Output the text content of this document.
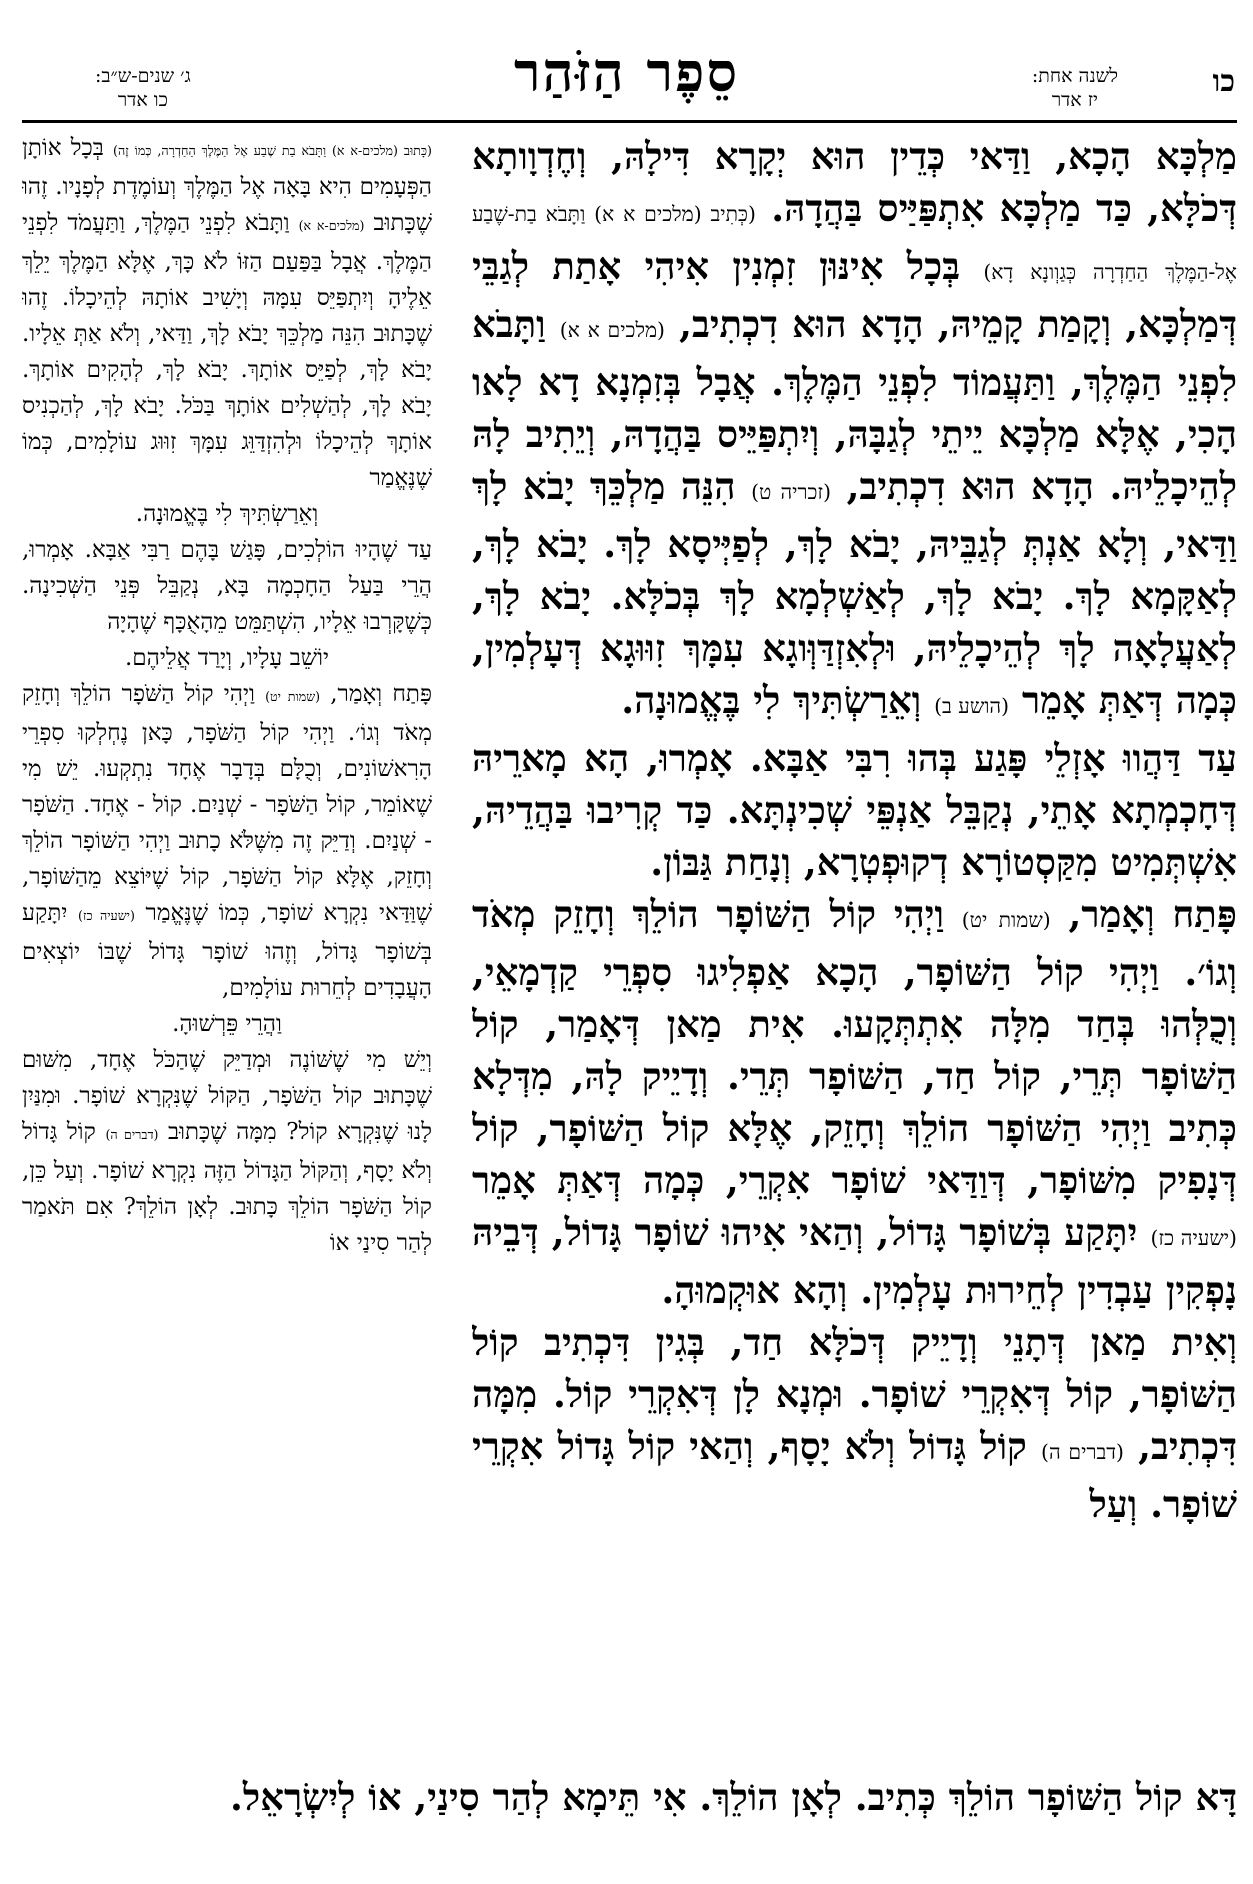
כו
לשנה אחת:
יז אדר
סֵפֶר הַזֹּהַר
ג׳ שנים-ש״ב:
כו אדר

מַלְכָּא הָכָא, וַדַּאי כְּדֵין הוּא יְקָרָא דִּילָהּ, וְחֶדְוָותָא דְּכֹלָּא, כַּד מַלְכָּא אִתְפַּיַּיס בַּהֲדָהּ. (כְּתִיב (מלכים א א) וַתָּבֹא בַת-שֶׁבַע אֶל-הַמֶּלֶךְ הַחַדְרָה כְּגַוְונָא דָא) בְּכָל אִינּוּן זִמְנִין אִיהִי אָתַת לְגַבֵּי דְּמַלְכָּא, וְקָמַת קָמֵיהּ, הָדָא הוּא דִכְתִיב, (מלכים א א) וַתָּבֹא לִפְנֵי הַמֶּלֶךְ, וַתַּעֲמוֹד לִפְנֵי הַמֶּלֶךְ. אֲבָל בְּזִמְנָא דָא לָאו הָכִי, אֶלָּא מַלְכָּא יֵיתֵי לְגַבָּהּ, וְיִתְפַּיֵּיס בַּהֲדָהּ, וְיֵתִיב לָהּ לְהֵיכָלֵיהּ. הָדָא הוּא דִכְתִיב, (זכריה ט) הִנֵּה מַלְכֵּךְ יָבֹא לָךְ וַדַּאי, וְלָא אַנְתְּ לְגַבֵּיהּ, יָבֹא לָךְ, לְפַיְּיסָא לָךְ. יָבֹא לָךְ, לְאַקָּמָא לָךְ. יָבֹא לָךְ, לְאַשְׁלְמָא לָךְ בְּכֹלָּא. יָבֹא לָךְ, לְאַעֲלָאָה לָךְ לְהֵיכָלֵיהּ, וּלְאִזְדַּוְּוגָא עִמָּךְ זִוּוּגָא דְּעָלְמִין, כְּמָה דְּאַתְּ אָמֵר (הושע ב) וְאֵרַשְׂתִּיךְ לִי בֶּאֱמוּנָה.

עַד דַּהֲווּ אָזְלֵי פָּגַע בְּהוּ רִבִּי אַבָּא. אָמְרוּ, הָא מָארֵיהּ דְּחָכְמְתָא אָתֵי, נְקַבֵּל אַנְפֵּי שְׁכִינְתָּא. כַּד קְרִיבוּ בַּהֲדֵיהּ, אִשְׁתְּמִיט מִקַּסְטוֹרָא דְקוּפְטְרָא, וְנָחַת גַּבּוֹן.

פָּתַח וְאָמַר, (שמות יט) וַיְהִי קוֹל הַשּׁוֹפָר הוֹלֵךְ וְחָזֵק מְאֹד וְגוֹ׳. וַיְהִי קוֹל הַשּׁוֹפָר, הָכָא אַפְלִיגוּ סִפְרֵי קַדְמָאֵי, וְכֻלְּהוּ בְּחַד מִלָּה אִתְתְּקָעוּ. אִית מַאן דְּאָמַר, קוֹל הַשּׁוֹפָר תְּרֵי, קוֹל חַד, הַשּׁוֹפָר תְּרֵי. וְדָיֵיק לָהּ, מִדְּלָא כְּתִיב וַיְהִי הַשּׁוֹפָר הוֹלֵךְ וְחָזֵק, אֶלָּא קוֹל הַשּׁוֹפָר, קוֹל דְּנָפִיק מִשּׁוֹפָר, דְּוַדַּאי שׁוֹפָר אִקְרֵי, כְּמָה דְּאַתְּ אָמֵר (ישעיה כז) יִתָּקַע בְּשׁוֹפָר גָּדוֹל, וְהַאי אִיהוּ שׁוֹפָר גָּדוֹל, דְּבֵיהּ נָפְקִין עַבְדִין לְחֵירוּת עָלְמִין. וְהָא אוּקְמוּהָ.

וְאִית מַאן דְּתָנֵי וְדָיֵיק דְּכֹלָּא חַד, בְּגִין דִּכְתִיב קוֹל הַשּׁוֹפָר, קוֹל דְּאִקְרֵי שׁוֹפָר. וּמְנָא לָן דְּאִקְרֵי קוֹל. מִמָּה דִּכְתִיב, (דברים ה) קוֹל גָּדוֹל וְלֹא יָסָף, וְהַאי קוֹל גָּדוֹל אִקְרֵי שׁוֹפָר. וְעַל

(כָּתוּב (מלכים-א א) וַתָּבֹא בַת שֶׁבַע אֶל הַמֶּלֶךְ הַחַדְרָה, כְּמוֹ זֶה) בְּכָל אוֹתָן הַפְּעָמִים הִיא בָּאָה אֶל הַמֶּלֶךְ וְעוֹמֶדֶת לְפָנָיו. זֶהוּ שֶׁכָּתוּב (מלכים-א א) וַתָּבֹא לִפְנֵי הַמֶּלֶךְ, וַתַּעֲמֹד לִפְנֵי הַמֶּלֶךְ. אֲבָל בַּפַּעַם הַזּוֹ לֹא כָּךְ, אֶלָּא הַמֶּלֶךְ יֵלֵךְ אֵלֶיהָ וְיִתְפַּיֵּס עִמָּהּ וְיָשִׁיב אוֹתָהּ לְהֵיכָלוֹ. זֶהוּ שֶׁכָּתוּב הִנֵּה מַלְכֵּךְ יָבֹא לָךְ, וַדַּאי, וְלֹא אַתְּ אֵלָיו. יָבֹא לָךְ, לְפַיֵּס אוֹתָךְ. יָבֹא לָךְ, לְהָקִים אוֹתָךְ. יָבֹא לָךְ, לְהַשְׁלִים אוֹתָךְ בַּכֹּל. יָבֹא לָךְ, לְהַכְנִיס אוֹתָךְ לְהֵיכָלוֹ וּלְהִזְדַּוֵּג עִמָּךְ זִוּוּג עוֹלָמִים, כְּמוֹ שֶׁנֶּאֱמַר

וְאֵרַשְׂתִּיךְ לִי בֶּאֱמוּנָה.

עַד שֶׁהָיוּ הוֹלְכִים, פָּגַשׁ בָּהֶם רַבִּי אַבָּא. אָמְרוּ, הֲרֵי בַּעַל הַחָכְמָה בָּא, נְקַבֵּל פְּנֵי הַשְּׁכִינָה. כְּשֶׁקָּרְבוּ אֵלָיו, הִשְׁתַּמֵּט מֵהָאֻכָּף שֶׁהָיָה

יוֹשֵׁב עָלָיו, וְיָרַד אֲלֵיהֶם.

פָּתַח וְאָמַר, (שמות יט) וַיְהִי קוֹל הַשֹּׁפָר הוֹלֵךְ וְחָזֵק מְאֹד וְגוֹ׳. וַיְהִי קוֹל הַשֹּׁפָר, כָּאן נֶחְלְקוּ סִפְרֵי הָרִאשׁוֹנִים, וְכֻלָּם בְּדָבָר אֶחָד נִתְקְעוּ. יֵשׁ מִי שֶׁאוֹמֵר, קוֹל הַשֹּׁפָר - שְׁנַיִם. קוֹל - אֶחָד. הַשֹּׁפָר - שְׁנַיִם. וְדַיֵּק זֶה מִשֶּׁלֹּא כָתוּב וַיְהִי הַשּׁוֹפָר הוֹלֵךְ וְחָזֵק, אֶלָּא קוֹל הַשֹּׁפָר, קוֹל שֶׁיּוֹצֵא מֵהַשּׁוֹפָר, שֶׁוַּדַּאי נִקְרָא שׁוֹפָר, כְּמוֹ שֶׁנֶּאֱמַר (ישעיה כז) יִתָּקַע בְּשׁוֹפָר גָּדוֹל, וְזֶהוּ שׁוֹפָר גָּדוֹל שֶׁבּוֹ יוֹצְאִים הָעֲבָדִים לְחֵרוּת עוֹלָמִים,

וַהֲרֵי פֵּרְשׁוּהָ.

וְיֵשׁ מִי שֶׁשּׁוֹנֶה וּמְדַיֵּק שֶׁהַכֹּל אֶחָד, מִשּׁוּם שֶׁכָּתוּב קוֹל הַשֹּׁפָר, הַקּוֹל שֶׁנִּקְרָא שׁוֹפָר. וּמִנַּיִן לָנוּ שֶׁנִּקְרָא קוֹל? מִמָּה שֶׁכָּתוּב (דברים ה) קוֹל גָּדוֹל וְלֹא יָסָף, וְהַקּוֹל הַגָּדוֹל הַזֶּה נִקְרָא שׁוֹפָר. וְעַל כֵּן, קוֹל הַשֹּׁפָר הוֹלֵךְ כָּתוּב. לְאָן הוֹלֵךְ? אִם תֹּאמַר לְהַר סִינַי אוֹ

דָּא קוֹל הַשּׁוֹפָר הוֹלֵךְ כְּתִיב. לְאָן הוֹלֵךְ. אִי תֵּימָא לְהַר סִינַי, אוֹ לְיִשְׂרָאֵל.
